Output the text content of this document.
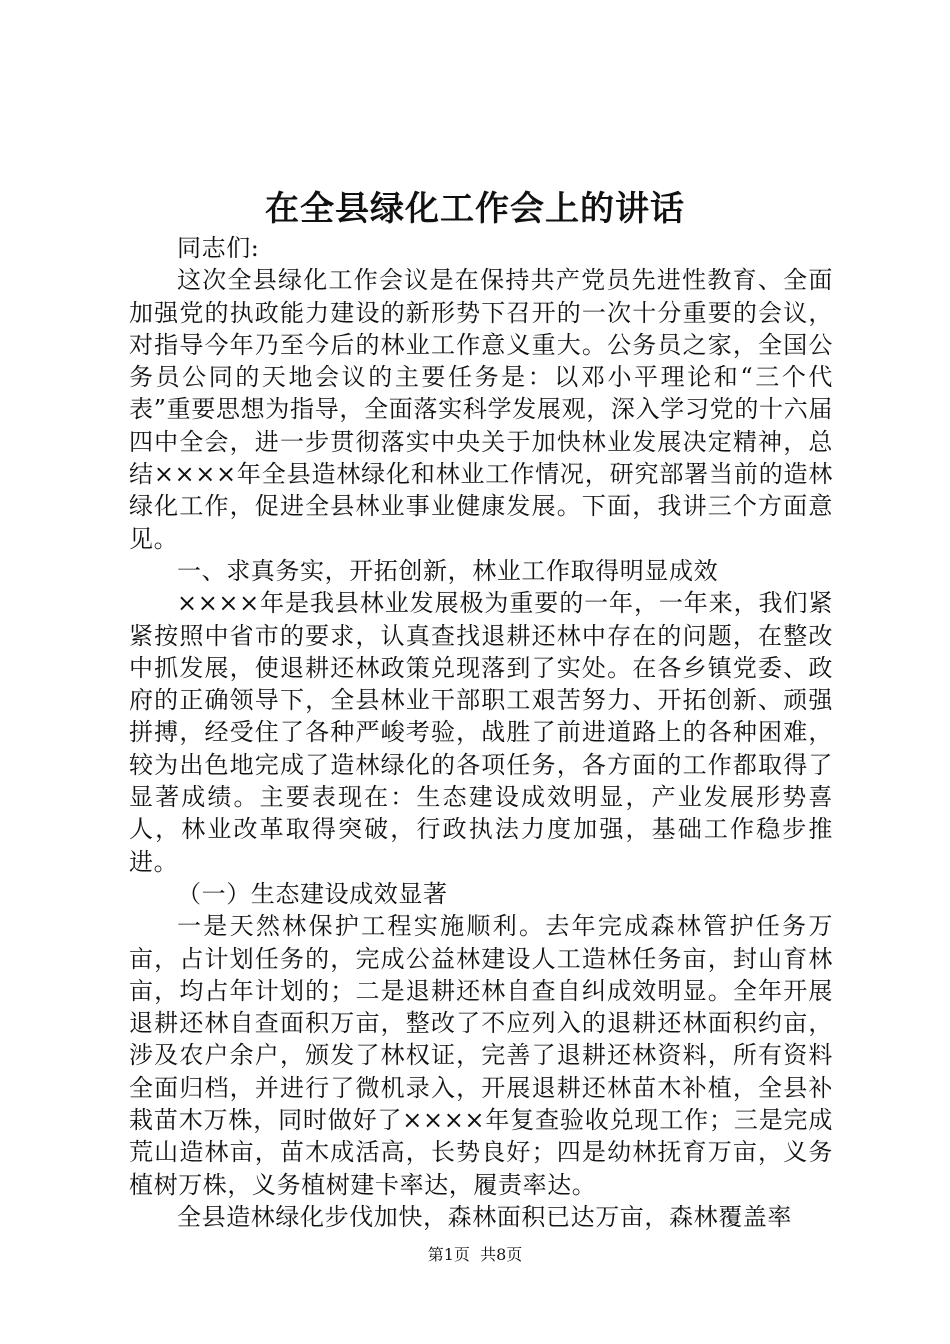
在全县绿化工作会上的讲话

同志们:

这次全县绿化工作会议是在保持共产党员先进性教育、全面加强党的执政能力建设的新形势下召开的一次十分重要的会议，对指导今年乃至今后的林业工作意义重大。公务员之家，全国公务员公同的天地会议的主要任务是：以邓小平理论和“三个代表”重要思想为指导，全面落实科学发展观，深入学习党的十六届四中全会，进一步贯彻落实中央关于加快林业发展决定精神，总结××××年全县造林绿化和林业工作情况，研究部署当前的造林绿化工作，促进全县林业事业健康发展。下面，我讲三个方面意见。

一、求真务实，开拓创新，林业工作取得明显成效

××××年是我县林业发展极为重要的一年，一年来，我们紧紧按照中省市的要求，认真查找退耕还林中存在的问题，在整改中抓发展，使退耕还林政策兑现落到了实处。在各乡镇党委、政府的正确领导下，全县林业干部职工艰苦努力、开拓创新、顽强拼搏，经受住了各种严峻考验，战胜了前进道路上的各种困难，较为出色地完成了造林绿化的各项任务，各方面的工作都取得了显著成绩。主要表现在：生态建设成效明显，产业发展形势喜人，林业改革取得突破，行政执法力度加强，基础工作稳步推进。

（一）生态建设成效显著

一是天然林保护工程实施顺利。去年完成森林管护任务万亩，占计划任务的，完成公益林建设人工造林任务亩，封山育林亩，均占年计划的；二是退耕还林自查自纠成效明显。全年开展退耕还林自查面积万亩，整改了不应列入的退耕还林面积约亩，涉及农户余户，颁发了林权证，完善了退耕还林资料，所有资料全面归档，并进行了微机录入，开展退耕还林苗木补植，全县补栽苗木万株，同时做好了××××年复查验收兑现工作；三是完成荒山造林亩，苗木成活高，长势良好；四是幼林抚育万亩，义务植树万株，义务植树建卡率达，履责率达。

全县造林绿化步伐加快，森林面积已达万亩，森林覆盖率

第1页 共8页
